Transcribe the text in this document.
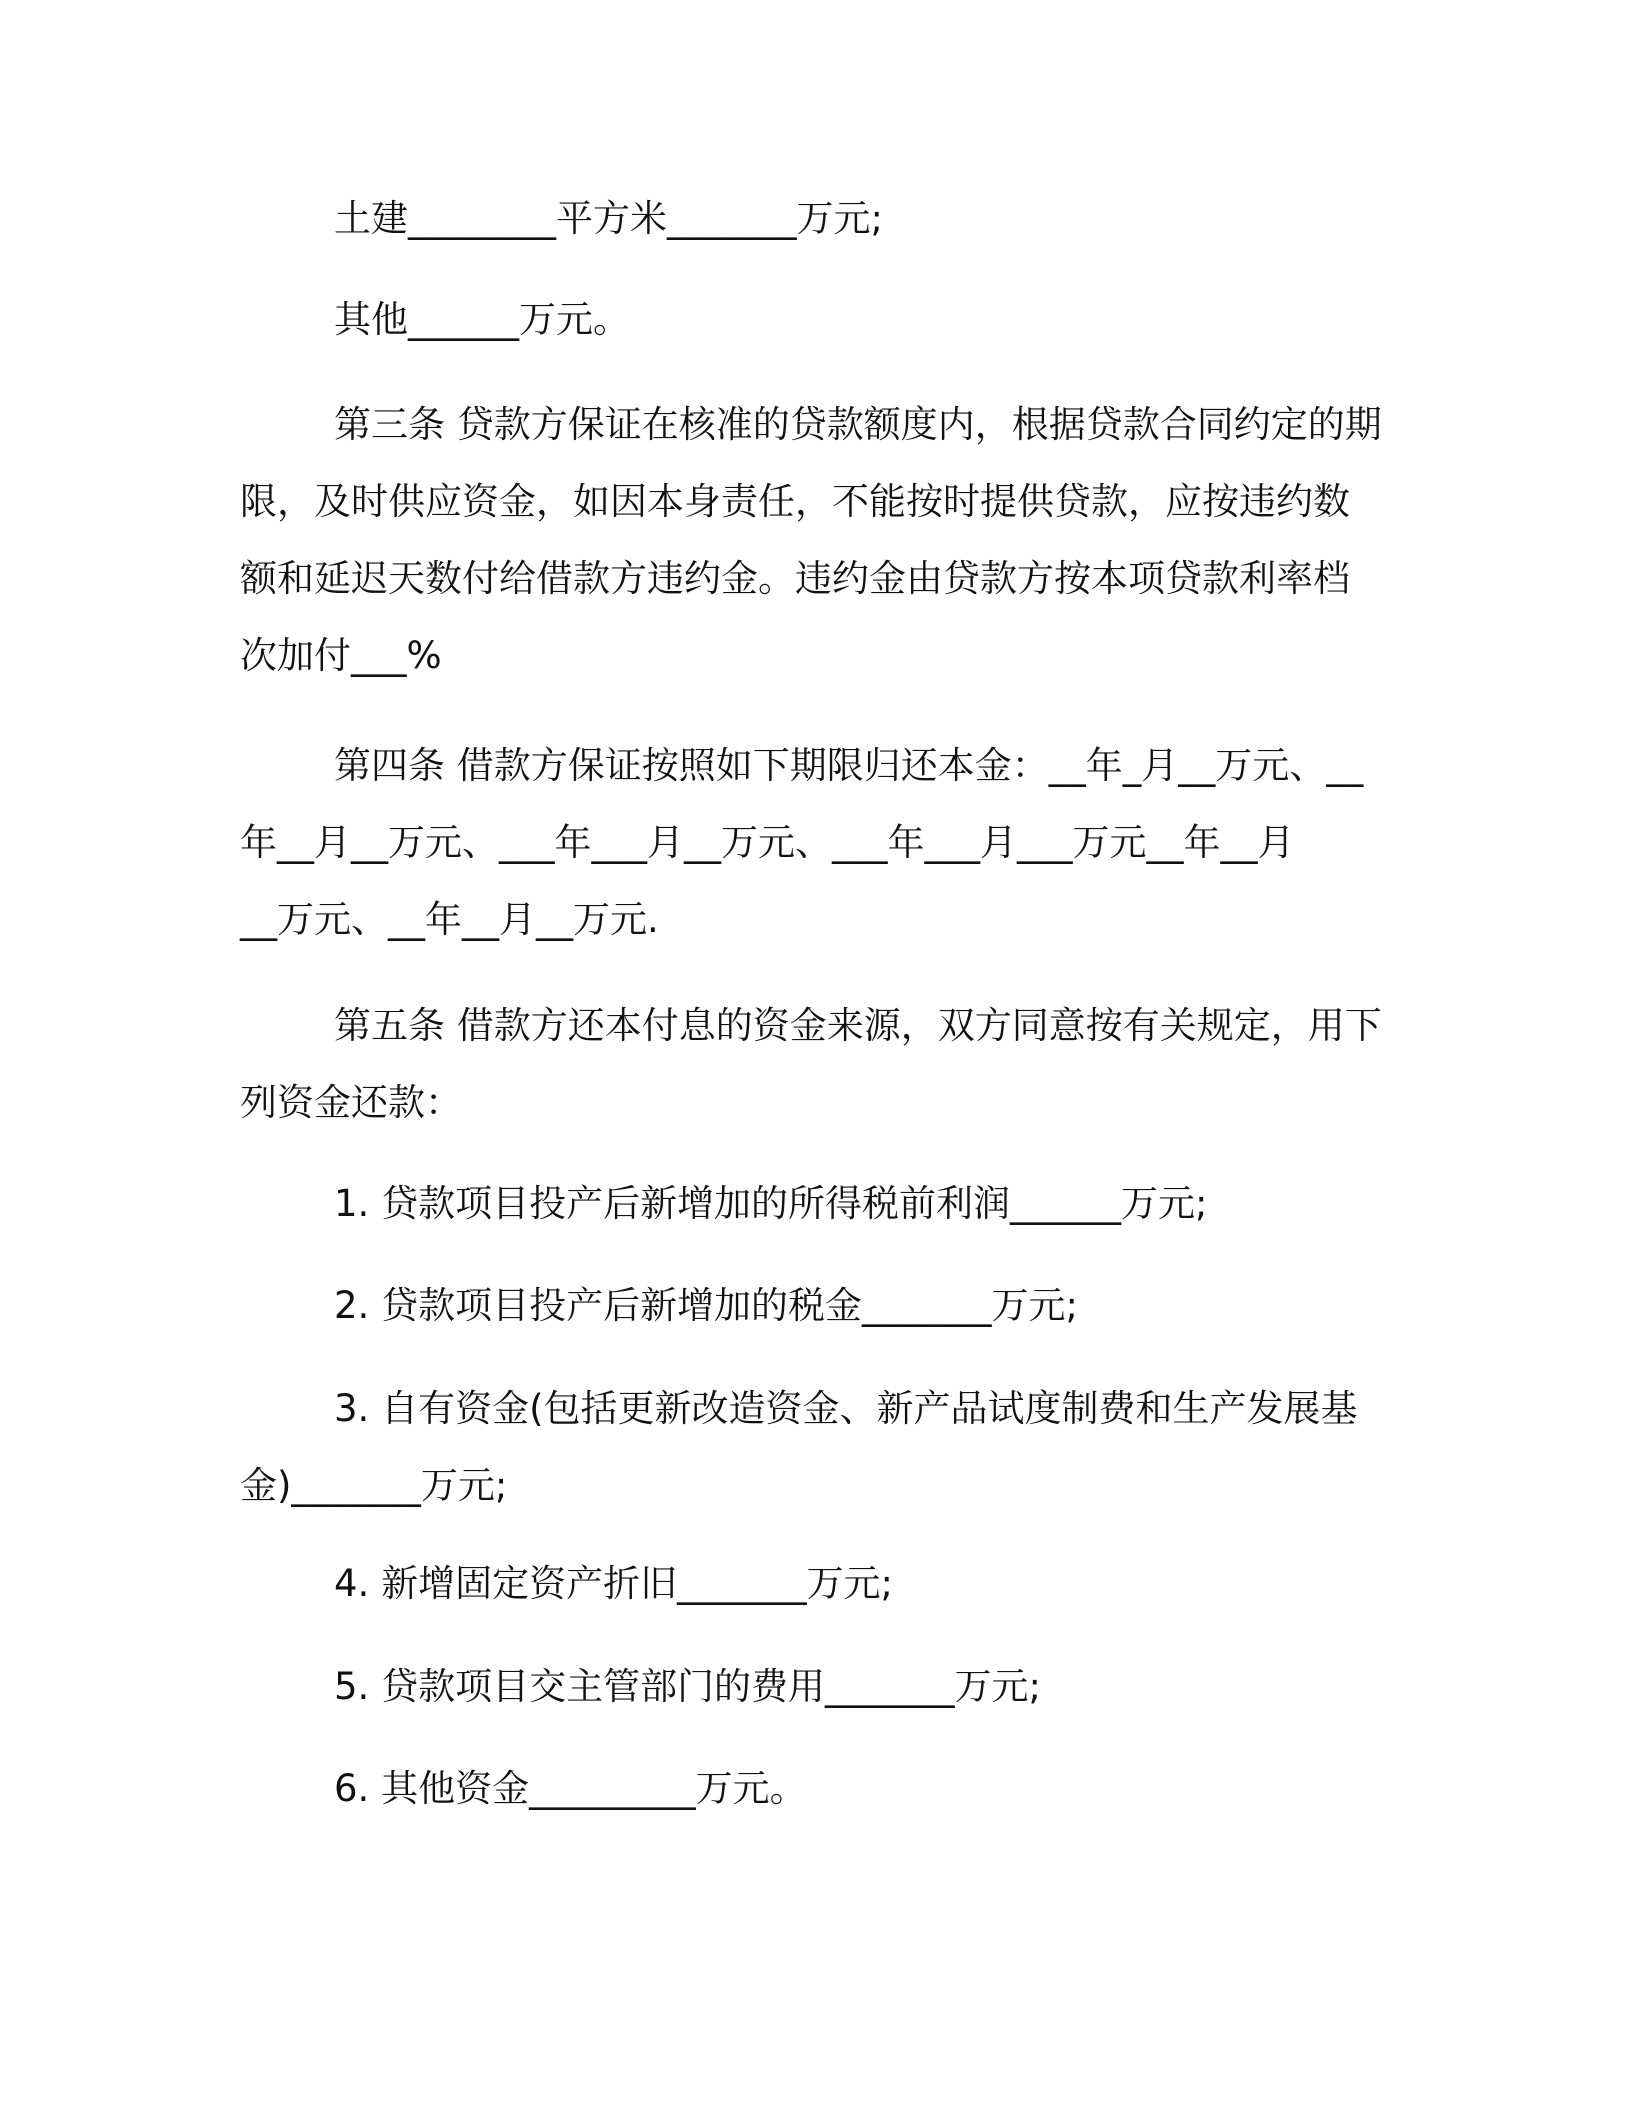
土建________平方米_______万元;

其他______万元。

第三条 贷款方保证在核准的贷款额度内，根据贷款合同约定的期
限，及时供应资金，如因本身责任，不能按时提供贷款，应按违约数
额和延迟天数付给借款方违约金。违约金由贷款方按本项贷款利率档
次加付___%

第四条 借款方保证按照如下期限归还本金：__年_月__万元、__
年__月__万元、___年___月__万元、___年___月___万元__年__月
__万元、__年__月__万元.

第五条 借款方还本付息的资金来源，双方同意按有关规定，用下
列资金还款：

1. 贷款项目投产后新增加的所得税前利润______万元;

2. 贷款项目投产后新增加的税金_______万元;

3. 自有资金(包括更新改造资金、新产品试度制费和生产发展基
金)_______万元;

4. 新增固定资产折旧_______万元;

5. 贷款项目交主管部门的费用_______万元;

6. 其他资金_________万元。
